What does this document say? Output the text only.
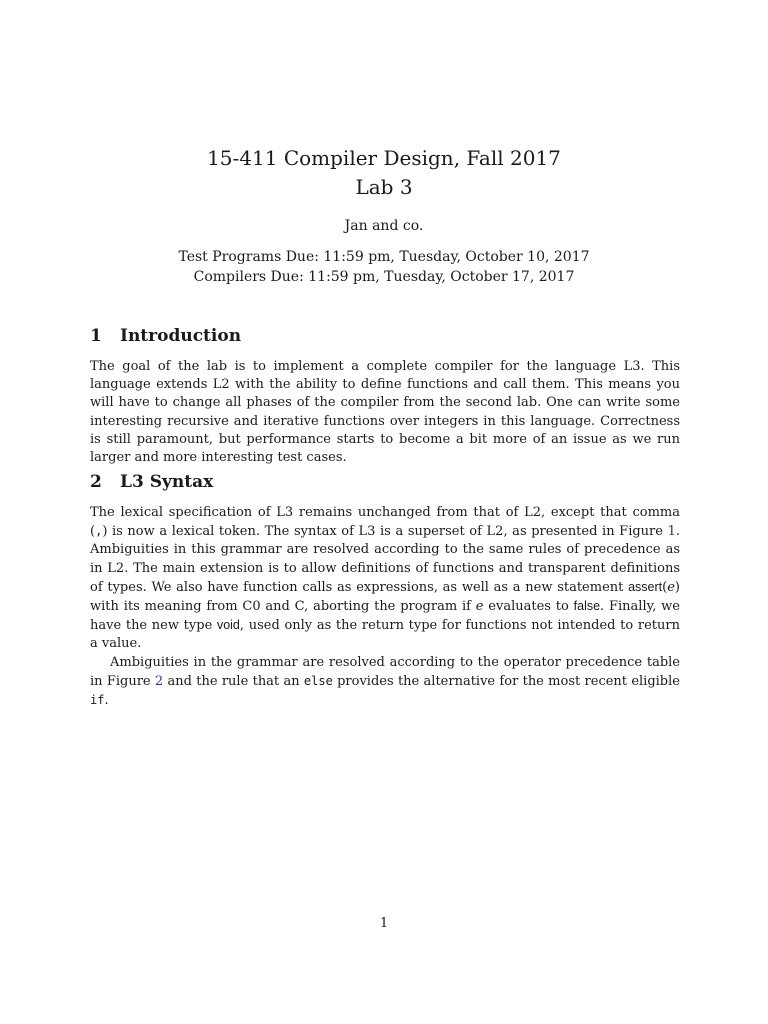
15-411 Compiler Design, Fall 2017
Lab 3
Jan and co.
Test Programs Due: 11:59 pm, Tuesday, October 10, 2017
Compilers Due: 11:59 pm, Tuesday, October 17, 2017
1 Introduction

The goal of the lab is to implement a complete compiler for the language L3. This language extends L2 with the ability to define functions and call them. This means you will have to change all phases of the compiler from the second lab. One can write some interesting recursive and iterative functions over integers in this language. Correctness is still paramount, but performance starts to become a bit more of an issue as we run larger and more interesting test cases.

2 L3 Syntax

The lexical specification of L3 remains unchanged from that of L2, except that comma (,) is now a lexical token. The syntax of L3 is a superset of L2, as presented in Figure 1. Ambiguities in this grammar are resolved according to the same rules of precedence as in L2. The main extension is to allow definitions of functions and transparent definitions of types. We also have function calls as expressions, as well as a new statement assert(e) with its meaning from C0 and C, aborting the program if e evaluates to false. Finally, we have the new type void, used only as the return type for functions not intended to return a value.

Ambiguities in the grammar are resolved according to the operator precedence table in Figure 2 and the rule that an else provides the alternative for the most recent eligible if.

1
